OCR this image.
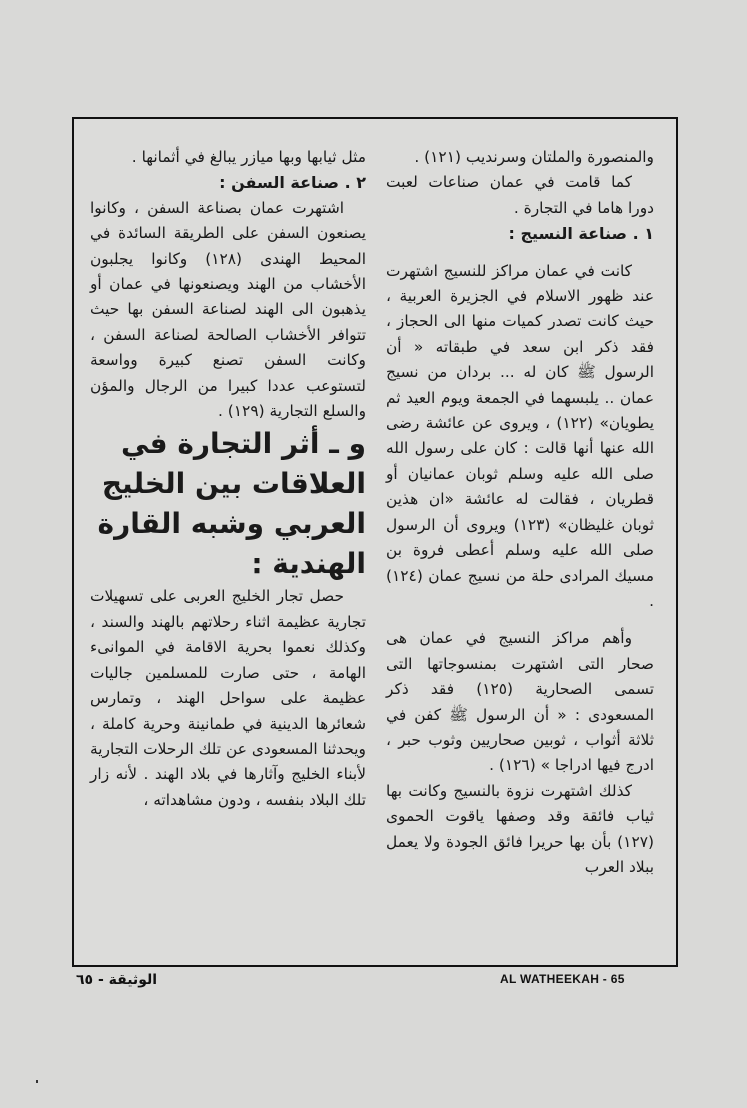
والمنصورة والملتان وسرنديب (١٢١) .

كما قامت في عمان صناعات لعبت دورا هاما في التجارة .

١ . صناعة النسيج :

كانت في عمان مراكز للنسيج اشتهرت عند ظهور الاسلام في الجزيرة العربية ، حيث كانت تصدر كميات منها الى الحجاز ، فقد ذكر ابن سعد في طبقاته « أن الرسول ﷺ كان له ... بردان من نسيج عمان .. يلبسهما في الجمعة ويوم العيد ثم يطويان» (١٢٢) ، ويروى عن عائشة رضى الله عنها أنها قالت : كان على رسول الله صلى الله عليه وسلم ثوبان عمانيان أو قطريان ، فقالت له عائشة «ان هذين ثوبان غليظان» (١٢٣) ويروى أن الرسول صلى الله عليه وسلم أعطى فروة بن مسيك المرادى حلة من نسيج عمان (١٢٤) .

وأهم مراكز النسيج في عمان هى صحار التى اشتهرت بمنسوجاتها التى تسمى الصحارية (١٢٥) فقد ذكر المسعودى : « أن الرسول ﷺ كفن في ثلاثة أثواب ، ثوبين صحاريين وثوب حبر ، ادرج فيها ادراجا » (١٢٦) .

كذلك اشتهرت نزوة بالنسيج وكانت بها ثياب فائقة وقد وصفها ياقوت الحموى (١٢٧) بأن بها حريرا فائق الجودة ولا يعمل ببلاد العرب

مثل ثيابها وبها ميازر يبالغ في أثمانها .

٢ . صناعة السفن :

اشتهرت عمان بصناعة السفن ، وكانوا يصنعون السفن على الطريقة السائدة في المحيط الهندى (١٢٨) وكانوا يجلبون الأخشاب من الهند ويصنعونها في عمان أو يذهبون الى الهند لصناعة السفن بها حيث تتوافر الأخشاب الصالحة لصناعة السفن ، وكانت السفن تصنع كبيرة وواسعة لتستوعب عددا كبيرا من الرجال والمؤن والسلع التجارية (١٢٩) .

و ـ أثر التجارة في العلاقات بين الخليج العربي وشبه القارة الهندية :

حصل تجار الخليج العربى على تسهيلات تجارية عظيمة اثناء رحلاتهم بالهند والسند ، وكذلك نعموا بحرية الاقامة في الموانىء الهامة ، حتى صارت للمسلمين جاليات عظيمة على سواحل الهند ، وتمارس شعائرها الدينية في طمانينة وحرية كاملة ، ويحدثنا المسعودى عن تلك الرحلات التجارية لأبناء الخليج وآثارها في بلاد الهند . لأنه زار تلك البلاد بنفسه ، ودون مشاهداته ،

AL WATHEEKAH - 65
الوثيقة - ٦٥
